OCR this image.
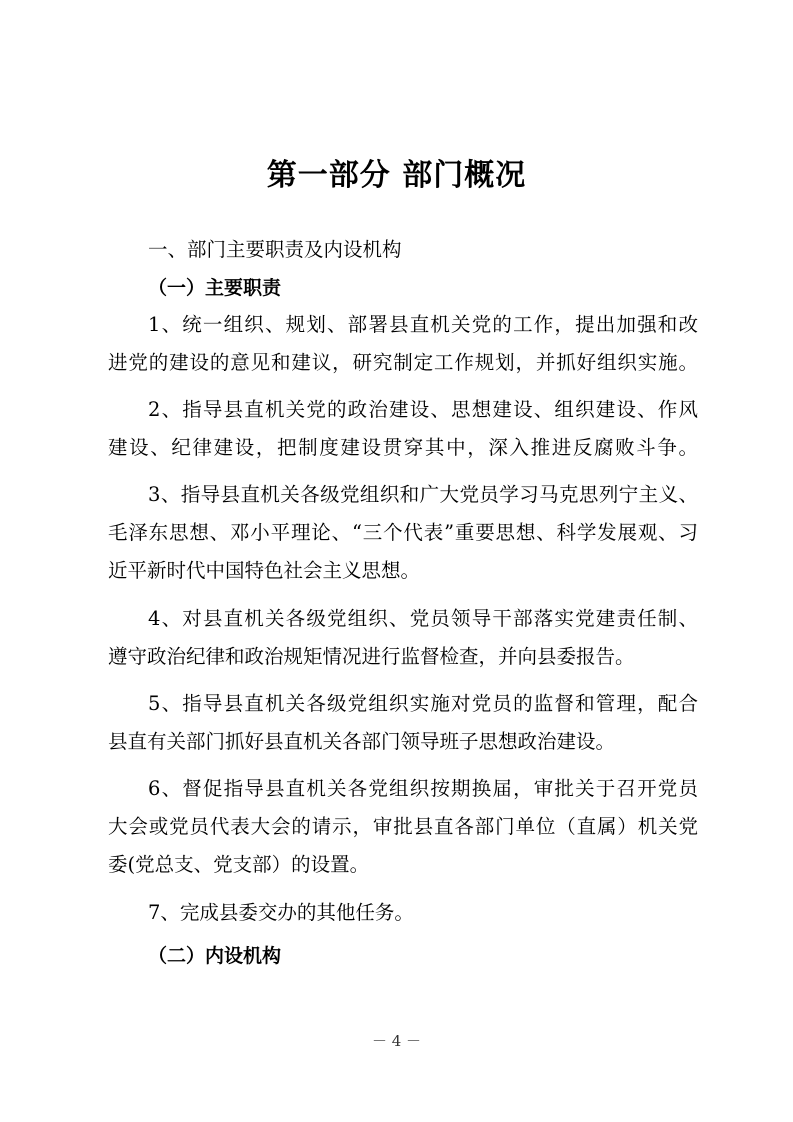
第一部分 部门概况
一、部门主要职责及内设机构
（一）主要职责
1、统一组织、规划、部署县直机关党的工作，提出加强和改
进党的建设的意见和建议，研究制定工作规划，并抓好组织实施。
2、指导县直机关党的政治建设、思想建设、组织建设、作风
建设、纪律建设，把制度建设贯穿其中，深入推进反腐败斗争。
3、指导县直机关各级党组织和广大党员学习马克思列宁主义、
毛泽东思想、邓小平理论、“三个代表”重要思想、科学发展观、习
近平新时代中国特色社会主义思想。
4、对县直机关各级党组织、党员领导干部落实党建责任制、
遵守政治纪律和政治规矩情况进行监督检查，并向县委报告。
5、指导县直机关各级党组织实施对党员的监督和管理，配合
县直有关部门抓好县直机关各部门领导班子思想政治建设。
6、督促指导县直机关各党组织按期换届，审批关于召开党员
大会或党员代表大会的请示，审批县直各部门单位（直属）机关党
委(党总支、党支部）的设置。
7、完成县委交办的其他任务。
（二）内设机构
－ 4 －
